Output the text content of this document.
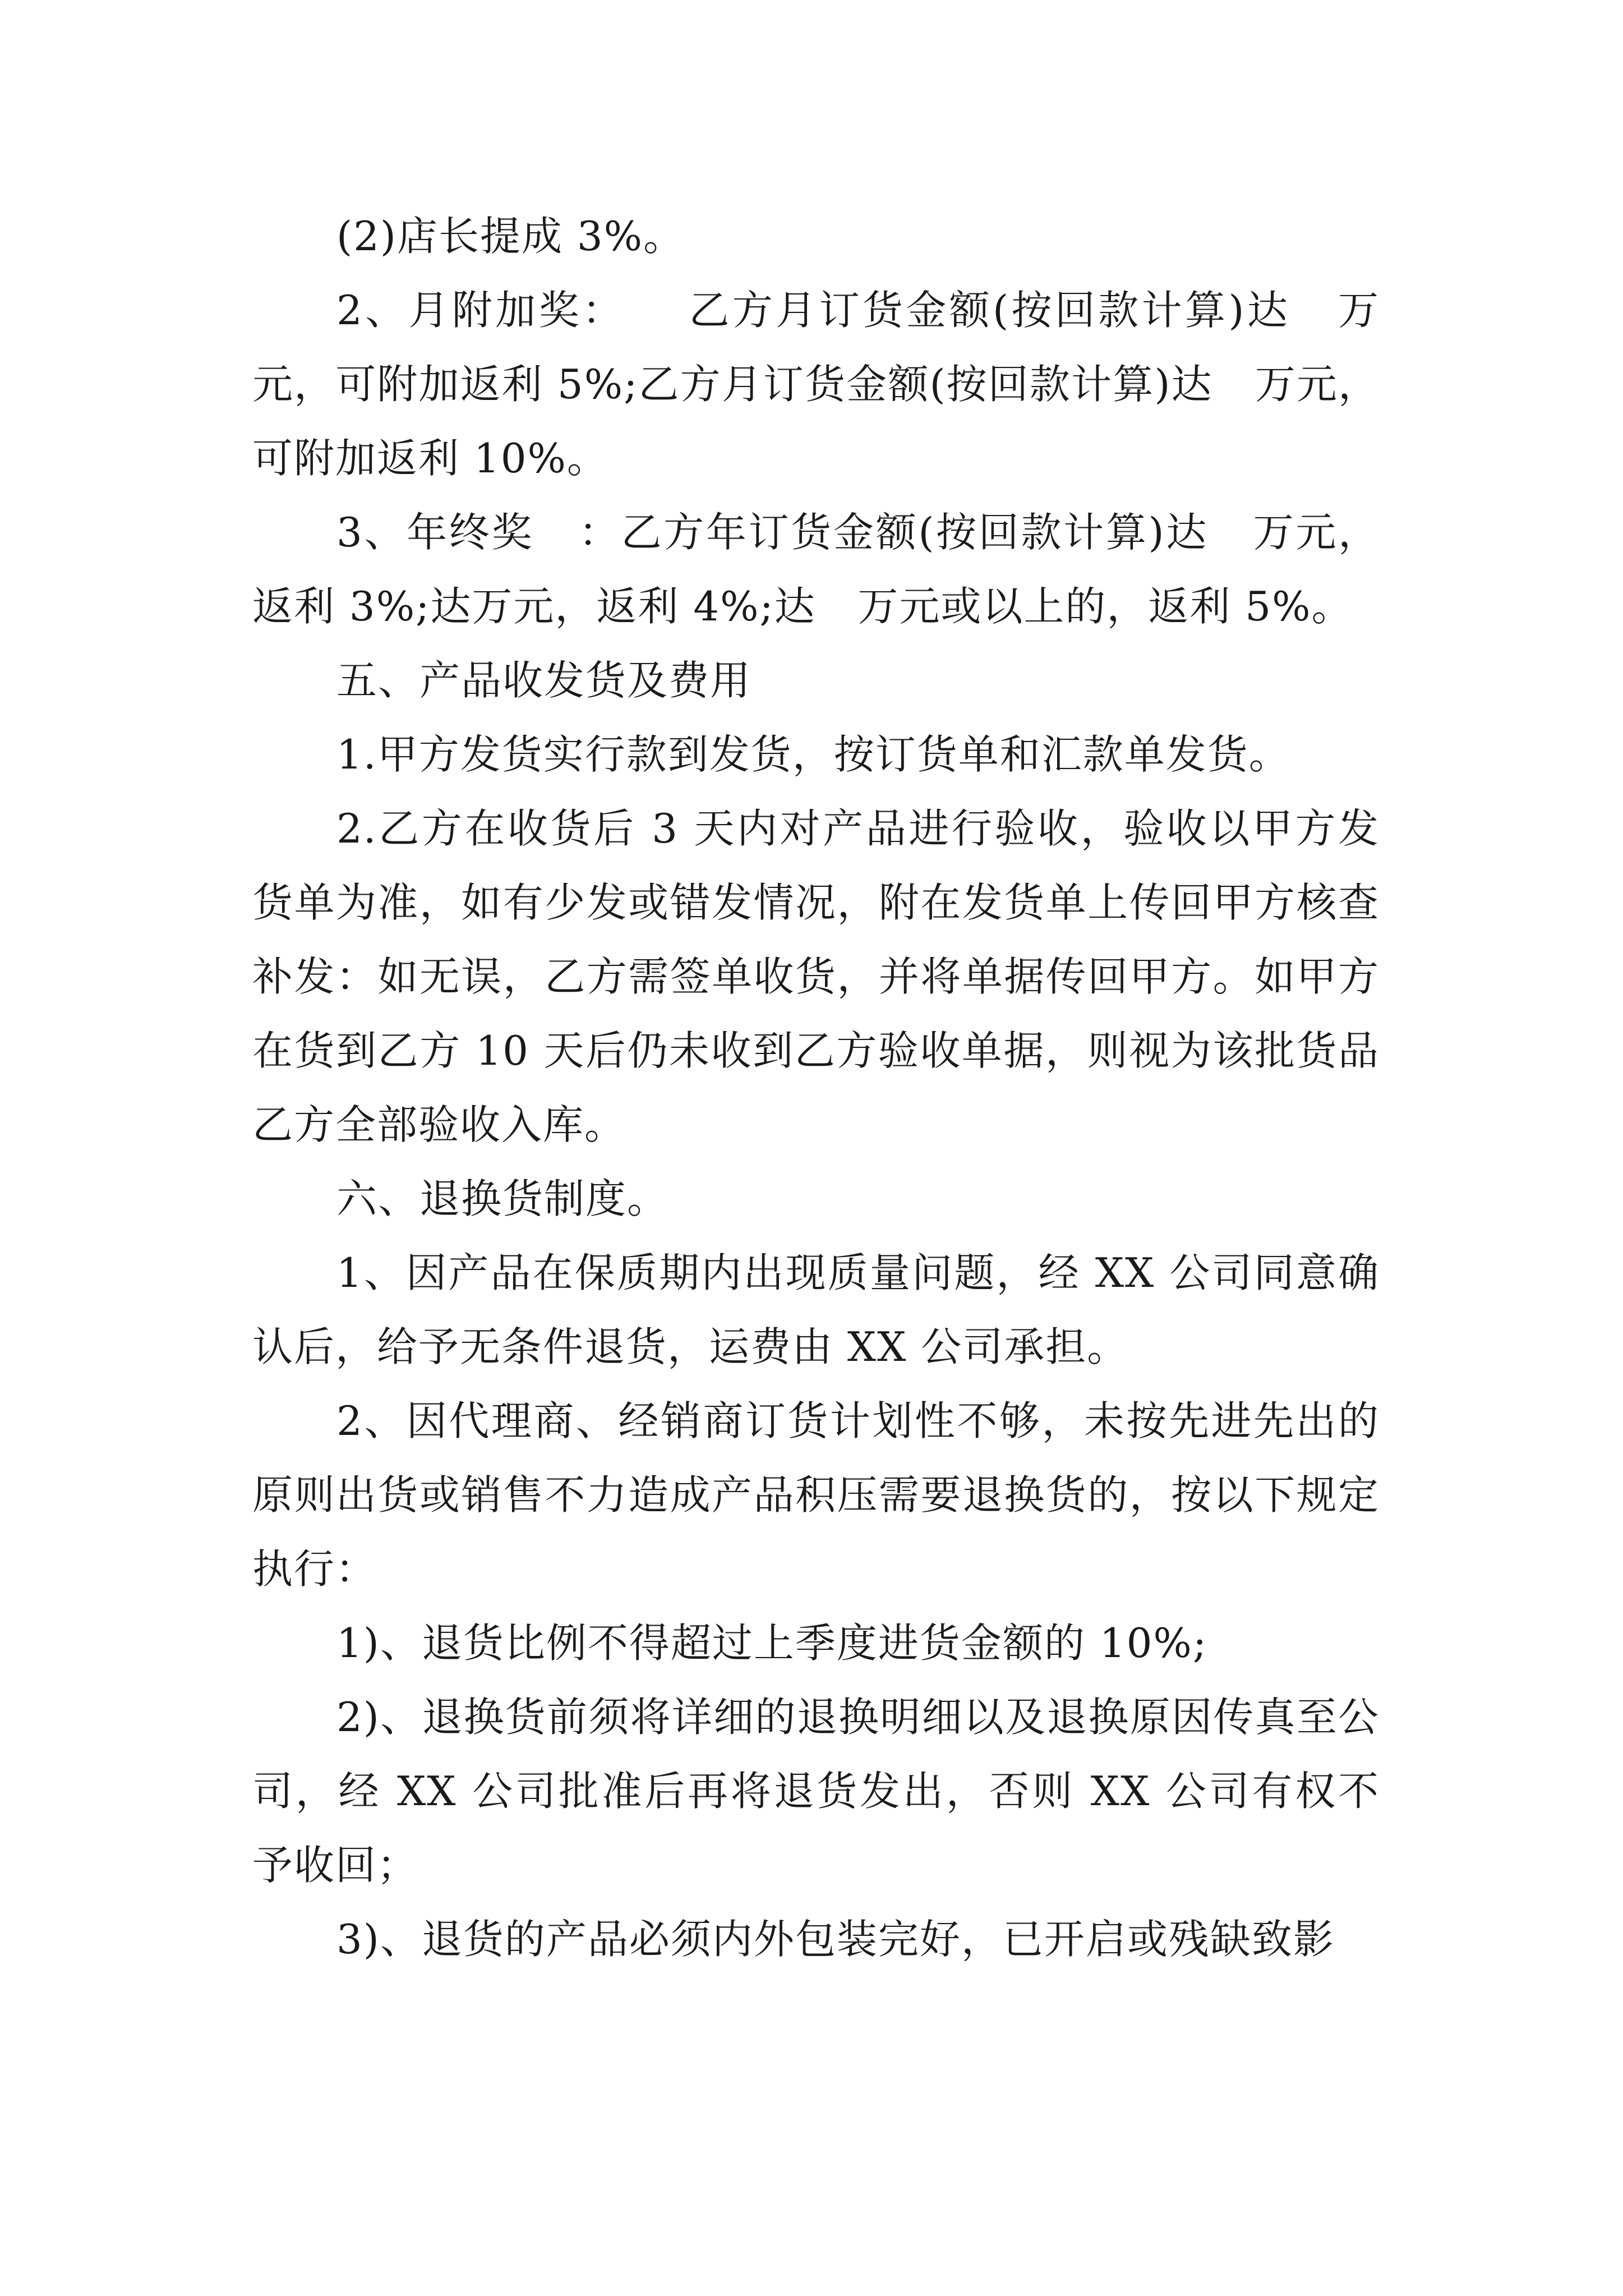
(2)店长提成 3%。

2、月附加奖：    乙方月订货金额(按回款计算)达   万元，可附加返利 5%;乙方月订货金额(按回款计算)达   万元，可附加返利 10%。

3、年终奖   ：乙方年订货金额(按回款计算)达   万元，返利 3%;达万元，返利 4%;达   万元或以上的，返利 5%。

五、产品收发货及费用

1.甲方发货实行款到发货，按订货单和汇款单发货。

2.乙方在收货后 3 天内对产品进行验收，验收以甲方发货单为准，如有少发或错发情况，附在发货单上传回甲方核查补发：如无误，乙方需签单收货，并将单据传回甲方。如甲方在货到乙方 10 天后仍未收到乙方验收单据，则视为该批货品乙方全部验收入库。

六、退换货制度。

1、因产品在保质期内出现质量问题，经 XX 公司同意确认后，给予无条件退货，运费由 XX 公司承担。

2、因代理商、经销商订货计划性不够，未按先进先出的原则出货或销售不力造成产品积压需要退换货的，按以下规定执行：

1)、退货比例不得超过上季度进货金额的 10%;

2)、退换货前须将详细的退换明细以及退换原因传真至公司，经 XX 公司批准后再将退货发出，否则 XX 公司有权不予收回；

3)、退货的产品必须内外包装完好，已开启或残缺致影
